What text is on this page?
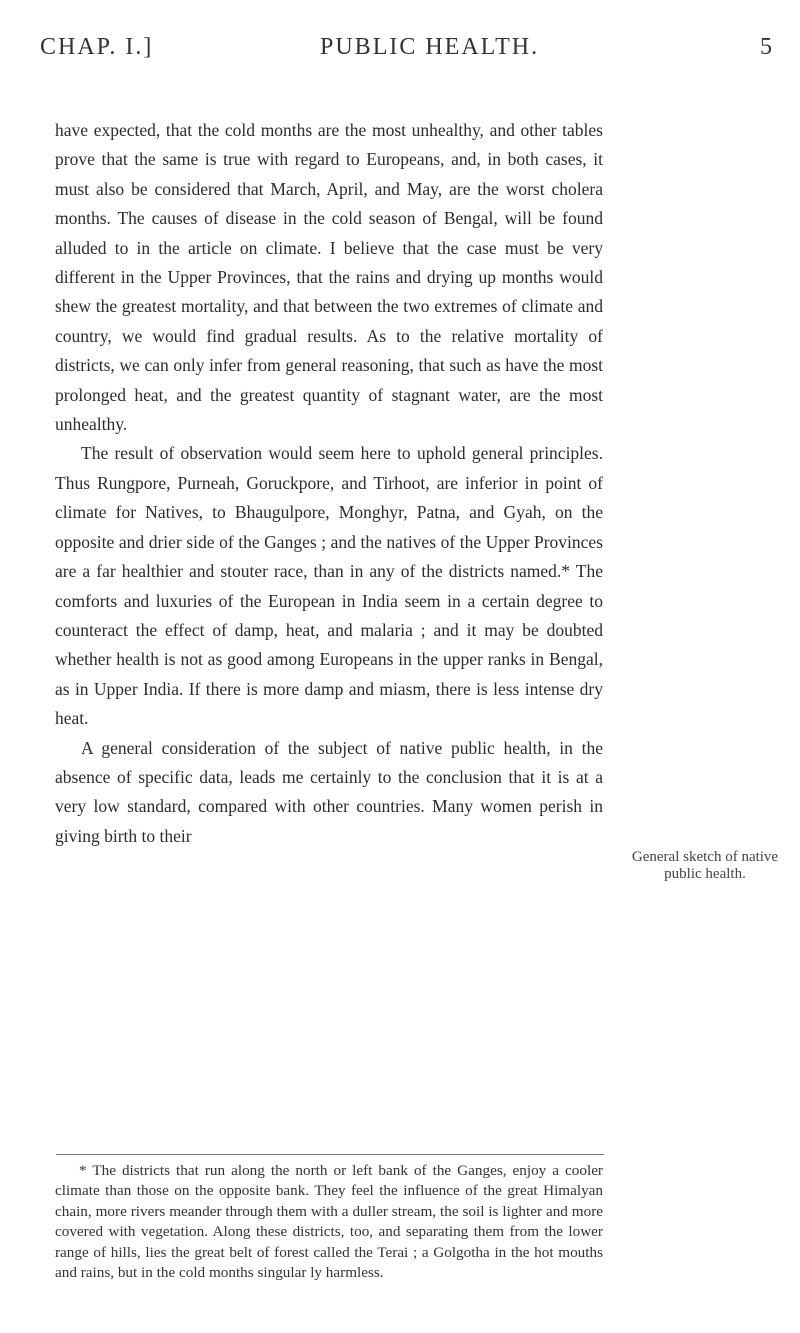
CHAP. I.]	PUBLIC HEALTH.	5

have expected, that the cold months are the most unhealthy, and other tables prove that the same is true with regard to Europeans, and, in both cases, it must also be considered that March, April, and May, are the worst cholera months. The causes of disease in the cold season of Bengal, will be found alluded to in the article on climate. I believe that the case must be very different in the Upper Provinces, that the rains and drying up months would shew the greatest mortality, and that between the two extremes of climate and country, we would find gradual results. As to the relative mortality of districts, we can only infer from general reasoning, that such as have the most prolonged heat, and the greatest quantity of stagnant water, are the most unhealthy.

The result of observation would seem here to uphold general principles. Thus Rungpore, Purneah, Goruckpore, and Tirhoot, are inferior in point of climate for Natives, to Bhaugulpore, Monghyr, Patna, and Gyah, on the opposite and drier side of the Ganges ; and the natives of the Upper Provinces are a far healthier and stouter race, than in any of the districts named.* The comforts and luxuries of the European in India seem in a certain degree to counteract the effect of damp, heat, and malaria ; and it may be doubted whether health is not as good among Europeans in the upper ranks in Bengal, as in Upper India. If there is more damp and miasm, there is less intense dry heat.

A general consideration of the subject of native public health, in the absence of specific data, leads me certainly to the conclusion that it is at a very low standard, compared with other countries. Many women perish in giving birth to their

General sketch of native public health.

* The districts that run along the north or left bank of the Ganges, enjoy a cooler climate than those on the opposite bank. They feel the influence of the great Himalyan chain, more rivers meander through them with a duller stream, the soil is lighter and more covered with vegetation. Along these districts, too, and separating them from the lower range of hills, lies the great belt of forest called the Terai ; a Golgotha in the hot mouths and rains, but in the cold months singular ly harmless.
